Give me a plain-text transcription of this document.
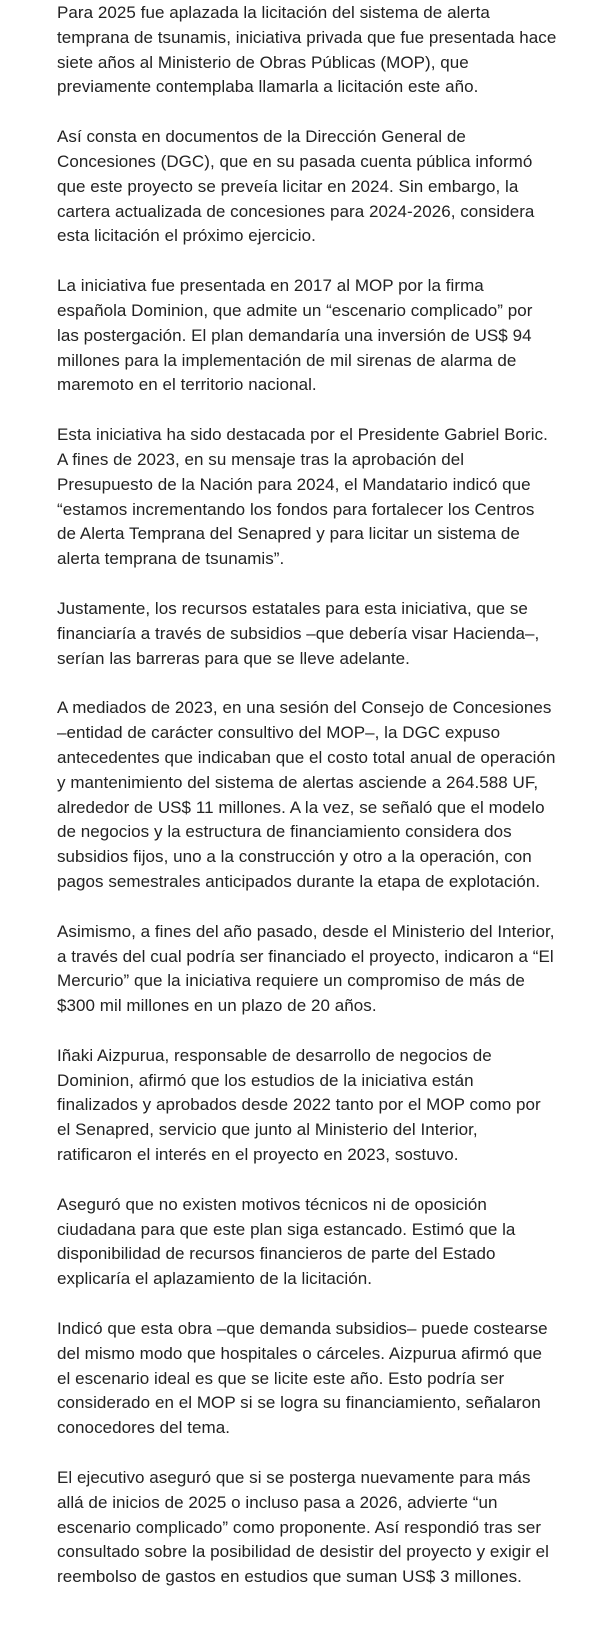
Para 2025 fue aplazada la licitación del sistema de alerta temprana de tsunamis, iniciativa privada que fue presentada hace siete años al Ministerio de Obras Públicas (MOP), que previamente contemplaba llamarla a licitación este año.

Así consta en documentos de la Dirección General de Concesiones (DGC), que en su pasada cuenta pública informó que este proyecto se preveía licitar en 2024. Sin embargo, la cartera actualizada de concesiones para 2024-2026, considera esta licitación el próximo ejercicio.

La iniciativa fue presentada en 2017 al MOP por la firma española Dominion, que admite un “escenario complicado” por las postergación. El plan demandaría una inversión de US$ 94 millones para la implementación de mil sirenas de alarma de maremoto en el territorio nacional.

Esta iniciativa ha sido destacada por el Presidente Gabriel Boric. A fines de 2023, en su mensaje tras la aprobación del Presupuesto de la Nación para 2024, el Mandatario indicó que “estamos incrementando los fondos para fortalecer los Centros de Alerta Temprana del Senapred y para licitar un sistema de alerta temprana de tsunamis”.

Justamente, los recursos estatales para esta iniciativa, que se financiaría a través de subsidios –que debería visar Hacienda–, serían las barreras para que se lleve adelante.

A mediados de 2023, en una sesión del Consejo de Concesiones –entidad de carácter consultivo del MOP–, la DGC expuso antecedentes que indicaban que el costo total anual de operación y mantenimiento del sistema de alertas asciende a 264.588 UF, alrededor de US$ 11 millones. A la vez, se señaló que el modelo de negocios y la estructura de financiamiento considera dos subsidios fijos, uno a la construcción y otro a la operación, con pagos semestrales anticipados durante la etapa de explotación.

Asimismo, a fines del año pasado, desde el Ministerio del Interior, a través del cual podría ser financiado el proyecto, indicaron a “El Mercurio” que la iniciativa requiere un compromiso de más de $300 mil millones en un plazo de 20 años.

Iñaki Aizpurua, responsable de desarrollo de negocios de Dominion, afirmó que los estudios de la iniciativa están finalizados y aprobados desde 2022 tanto por el MOP como por el Senapred, servicio que junto al Ministerio del Interior, ratificaron el interés en el proyecto en 2023, sostuvo.

Aseguró que no existen motivos técnicos ni de oposición ciudadana para que este plan siga estancado. Estimó que la disponibilidad de recursos financieros de parte del Estado explicaría el aplazamiento de la licitación.

Indicó que esta obra –que demanda subsidios– puede costearse del mismo modo que hospitales o cárceles. Aizpurua afirmó que el escenario ideal es que se licite este año. Esto podría ser considerado en el MOP si se logra su financiamiento, señalaron conocedores del tema.

El ejecutivo aseguró que si se posterga nuevamente para más allá de inicios de 2025 o incluso pasa a 2026, advierte “un escenario complicado” como proponente. Así respondió tras ser consultado sobre la posibilidad de desistir del proyecto y exigir el reembolso de gastos en estudios que suman US$ 3 millones.
